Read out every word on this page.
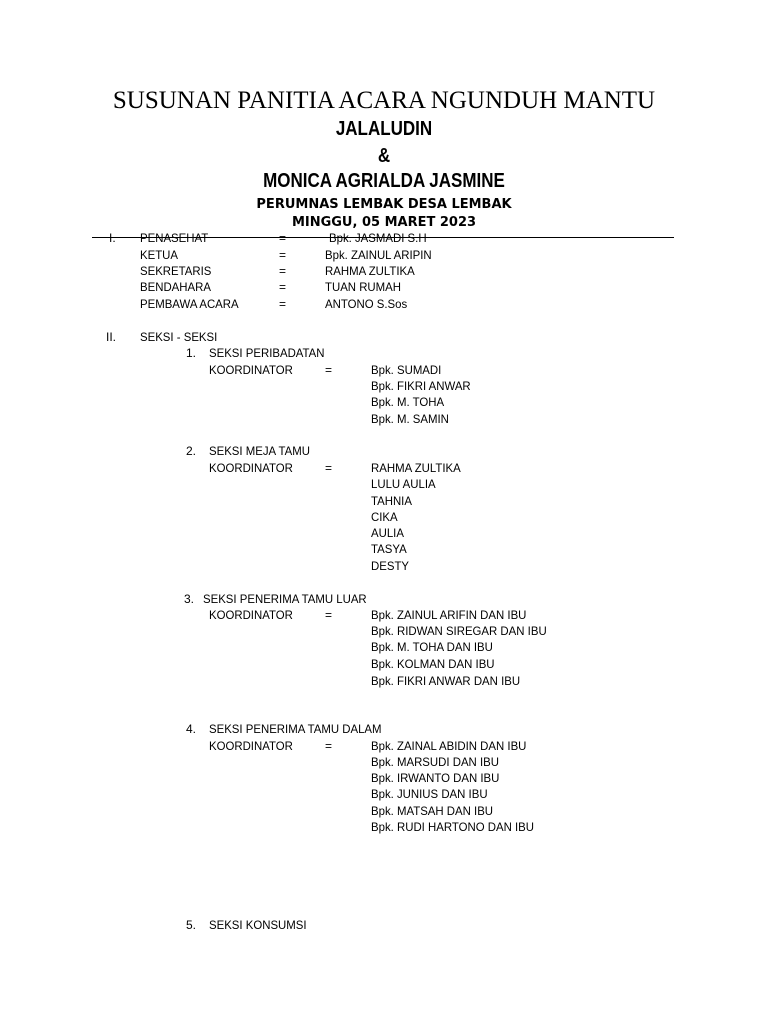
SUSUNAN PANITIA ACARA NGUNDUH MANTU
JALALUDIN
&
MONICA AGRIALDA JASMINE
PERUMNAS LEMBAK DESA LEMBAK
MINGGU, 05 MARET 2023
I. PENASEHAT	=	Bpk. JASMADI S.H
KETUA	=	Bpk. ZAINUL ARIPIN
SEKRETARIS	=	RAHMA ZULTIKA
BENDAHARA	=	TUAN RUMAH
PEMBAWA ACARA	=	ANTONO S.Sos
II. SEKSI - SEKSI
1. SEKSI PERIBADATAN
KOORDINATOR	=	Bpk. SUMADI
Bpk. FIKRI ANWAR
Bpk. M. TOHA
Bpk. M. SAMIN
2. SEKSI MEJA TAMU
KOORDINATOR	=	RAHMA ZULTIKA
LULU AULIA
TAHNIA
CIKA
AULIA
TASYA
DESTY
3. SEKSI PENERIMA TAMU LUAR
KOORDINATOR	=	Bpk. ZAINUL ARIFIN DAN IBU
Bpk. RIDWAN SIREGAR DAN IBU
Bpk. M. TOHA DAN IBU
Bpk. KOLMAN DAN IBU
Bpk. FIKRI ANWAR DAN IBU
4. SEKSI PENERIMA TAMU DALAM
KOORDINATOR	=	Bpk. ZAINAL ABIDIN DAN IBU
Bpk. MARSUDI DAN IBU
Bpk. IRWANTO DAN IBU
Bpk. JUNIUS DAN IBU
Bpk. MATSAH DAN IBU
Bpk. RUDI HARTONO DAN IBU
5. SEKSI KONSUMSI
